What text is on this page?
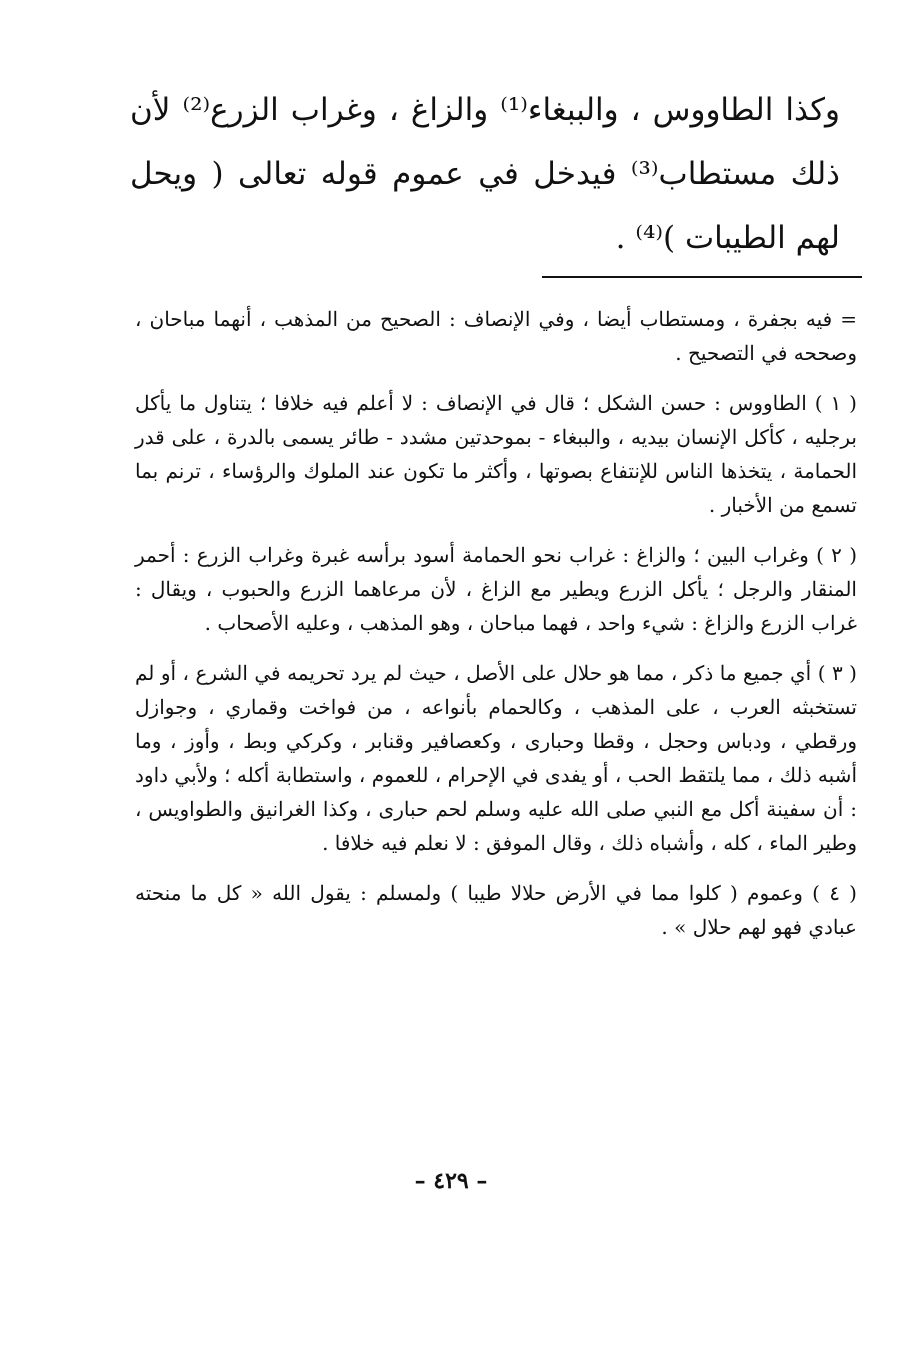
وكذا الطاووس ، والببغاء⁽¹⁾ والزاغ ، وغراب الزرع⁽²⁾ لأن ذلك مستطاب⁽³⁾ فيدخل في عموم قوله تعالى ( ويحل لهم الطيبات )⁽⁴⁾ .

= فيه بجفرة ، ومستطاب أيضا ، وفي الإنصاف : الصحيح من المذهب ، أنهما مباحان ، وصححه في التصحيح .

( ١ ) الطاووس : حسن الشكل ؛ قال في الإنصاف : لا أعلم فيه خلافا ؛ يتناول ما يأكل برجليه ، كأكل الإنسان بيديه ، والببغاء - بموحدتين مشدد - طائر يسمى بالدرة ، على قدر الحمامة ، يتخذها الناس للإنتفاع بصوتها ، وأكثر ما تكون عند الملوك والرؤساء ، ترنم بما تسمع من الأخبار .

( ٢ ) وغراب البين ؛ والزاغ : غراب نحو الحمامة أسود برأسه غبرة وغراب الزرع : أحمر المنقار والرجل ؛ يأكل الزرع ويطير مع الزاغ ، لأن مرعاهما الزرع والحبوب ، ويقال : غراب الزرع والزاغ : شيء واحد ، فهما مباحان ، وهو المذهب ، وعليه الأصحاب .

( ٣ ) أي جميع ما ذكر ، مما هو حلال على الأصل ، حيث لم يرد تحريمه في الشرع ، أو لم تستخبثه العرب ، على المذهب ، وكالحمام بأنواعه ، من فواخت وقماري ، وجوازل ورقطي ، ودباس وحجل ، وقطا وحبارى ، وكعصافير وقنابر ، وكركي وبط ، وأوز ، وما أشبه ذلك ، مما يلتقط الحب ، أو يفدى في الإحرام ، للعموم ، واستطابة أكله ؛ ولأبي داود : أن سفينة أكل مع النبي صلى الله عليه وسلم لحم حبارى ، وكذا الغرانيق والطواويس ، وطير الماء ، كله ، وأشباه ذلك ، وقال الموفق : لا نعلم فيه خلافا .

( ٤ ) وعموم ( كلوا مما في الأرض حلالا طيبا ) ولمسلم : يقول الله « كل ما منحته عبادي فهو لهم حلال » .

– ٤٢٩ –
